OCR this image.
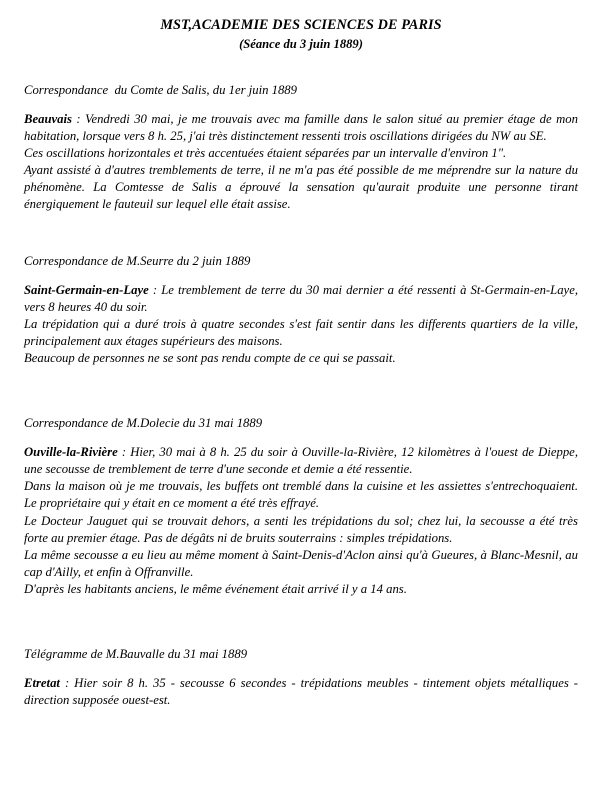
MST,ACADEMIE DES SCIENCES DE PARIS
(Séance du 3 juin 1889)
Correspondance  du Comte de Salis, du 1er juin 1889

Beauvais : Vendredi 30 mai, je me trouvais avec ma famille dans le salon situé au premier étage de mon habitation, lorsque vers 8 h. 25, j'ai très distinctement ressenti trois oscillations dirigées du NW au SE.

Ces oscillations horizontales et très accentuées étaient séparées par un intervalle d'environ 1".

Ayant assisté à d'autres tremblements de terre, il ne m'a pas été possible de me méprendre sur la nature du phénomène. La Comtesse de Salis a éprouvé la sensation qu'aurait produite une personne tirant énergiquement le fauteuil sur lequel elle était assise.

Correspondance de M.Seurre du 2 juin 1889

Saint-Germain-en-Laye : Le tremblement de terre du 30 mai dernier a été ressenti à St-Germain-en-Laye, vers 8 heures 40 du soir.

La trépidation qui a duré trois à quatre secondes s'est fait sentir dans les differents quartiers de la ville, principalement aux étages supérieurs des maisons.

Beaucoup de personnes ne se sont pas rendu compte de ce qui se passait.

Correspondance de M.Dolecie du 31 mai 1889

Ouville-la-Rivière : Hier, 30 mai à 8 h. 25 du soir à Ouville-la-Rivière, 12 kilomètres à l'ouest de Dieppe, une secousse de tremblement de terre d'une seconde et demie a été ressentie.

Dans la maison où je me trouvais, les buffets ont tremblé dans la cuisine et les assiettes s'entrechoquaient. Le propriétaire qui y était en ce moment a été très effrayé.

Le Docteur Jauguet qui se trouvait dehors, a senti les trépidations du sol; chez lui, la secousse a été très forte au premier étage. Pas de dégâts ni de bruits souterrains : simples trépidations.

La même secousse a eu lieu au même moment à Saint-Denis-d'Aclon ainsi qu'à Gueures, à Blanc-Mesnil, au cap d'Ailly, et enfin à Offranville.

D'après les habitants anciens, le même événement était arrivé il y a 14 ans.

Télégramme de M.Bauvalle du 31 mai 1889

Etretat : Hier soir 8 h. 35 - secousse 6 secondes - trépidations meubles - tintement objets métalliques - direction supposée ouest-est.
